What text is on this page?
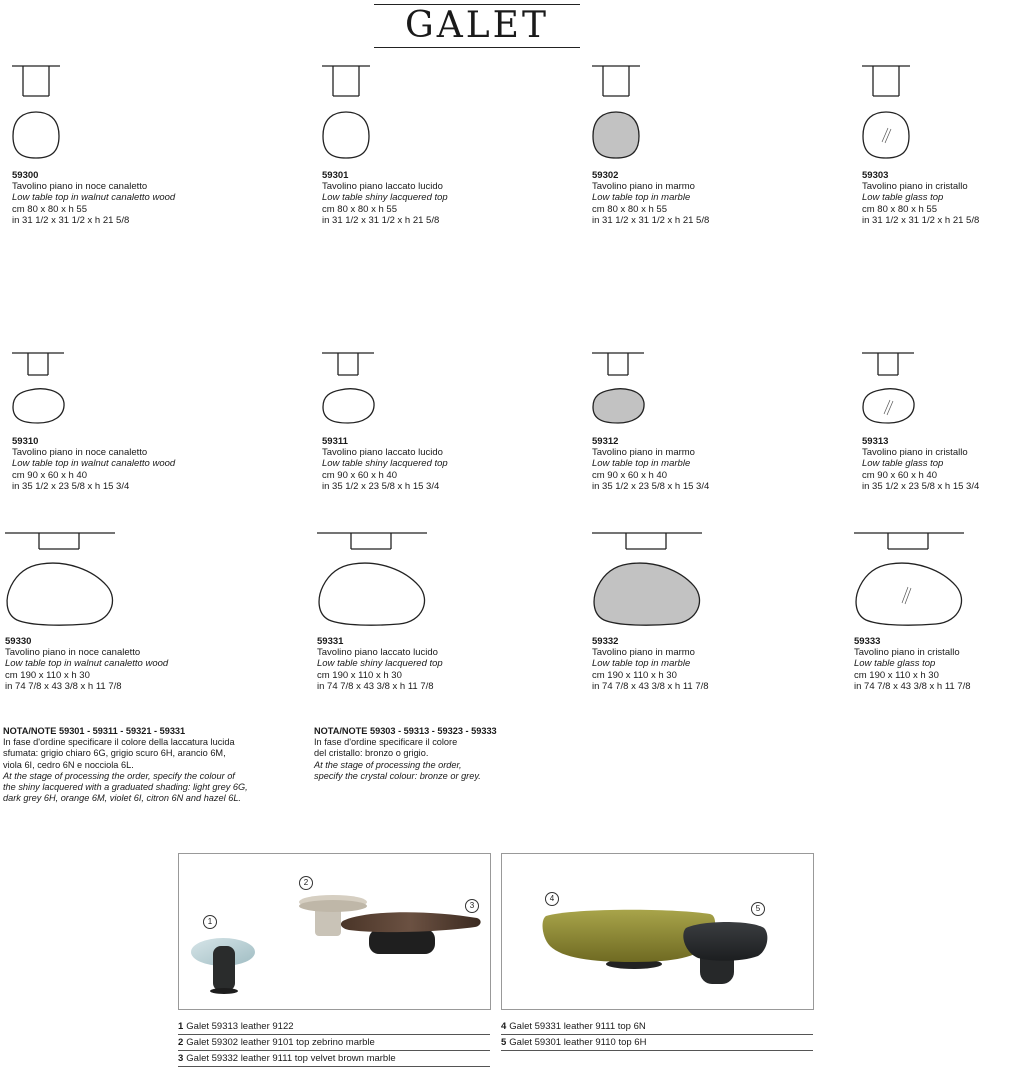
GALET
59300
Tavolino piano in noce canaletto
Low table top in walnut canaletto wood
cm 80 x 80 x h 55
in 31 1/2 x 31 1/2 x h 21 5/8
59301
Tavolino piano laccato lucido
Low table shiny lacquered top
cm 80 x 80 x h 55
in 31 1/2 x 31 1/2 x h 21 5/8
59302
Tavolino piano in marmo
Low table top in marble
cm 80 x 80 x h 55
in 31 1/2 x 31 1/2 x h 21 5/8
59303
Tavolino piano in cristallo
Low table glass top
cm 80 x 80 x h 55
in 31 1/2 x 31 1/2 x h 21 5/8
59310
Tavolino piano in noce canaletto
Low table top in walnut canaletto wood
cm 90 x 60 x h 40
in 35 1/2 x 23 5/8 x h 15 3/4
59311
Tavolino piano laccato lucido
Low table shiny lacquered top
cm 90 x 60 x h 40
in 35 1/2 x 23 5/8 x h 15 3/4
59312
Tavolino piano in marmo
Low table top in marble
cm 90 x 60 x h 40
in 35 1/2 x 23 5/8 x h 15 3/4
59313
Tavolino piano in cristallo
Low table glass top
cm 90 x 60 x h 40
in 35 1/2 x 23 5/8 x h 15 3/4
59330
Tavolino piano in noce canaletto
Low table top in walnut canaletto wood
cm 190 x 110 x h 30
in 74 7/8 x 43 3/8 x h 11 7/8
59331
Tavolino piano laccato lucido
Low table shiny lacquered top
cm 190 x 110 x h 30
in 74 7/8 x 43 3/8 x h 11 7/8
59332
Tavolino piano in marmo
Low table top in marble
cm 190 x 110 x h 30
in 74 7/8 x 43 3/8 x h 11 7/8
59333
Tavolino piano in cristallo
Low table glass top
cm 190 x 110 x h 30
in 74 7/8 x 43 3/8 x h 11 7/8
NOTA/NOTE 59301 - 59311 - 59321 - 59331
In fase d'ordine specificare il colore della laccatura lucida
sfumata: grigio chiaro 6G, grigio scuro 6H, arancio 6M,
viola 6I, cedro 6N e nocciola 6L.
At the stage of processing the order, specify the colour of
the shiny lacquered with a graduated shading: light grey 6G,
dark grey 6H, orange 6M, violet 6I, citron 6N and hazel 6L.
NOTA/NOTE 59303 - 59313 - 59323 - 59333
In fase d'ordine specificare il colore
del cristallo: bronzo o grigio.
At the stage of processing the order,
specify the crystal colour: bronze or grey.
1
2
3
4
5
1 Galet 59313 leather 9122
2 Galet 59302 leather 9101 top zebrino marble
3 Galet 59332 leather 9111 top velvet brown marble
4 Galet 59331 leather 9111 top 6N
5 Galet 59301 leather 9110 top 6H
